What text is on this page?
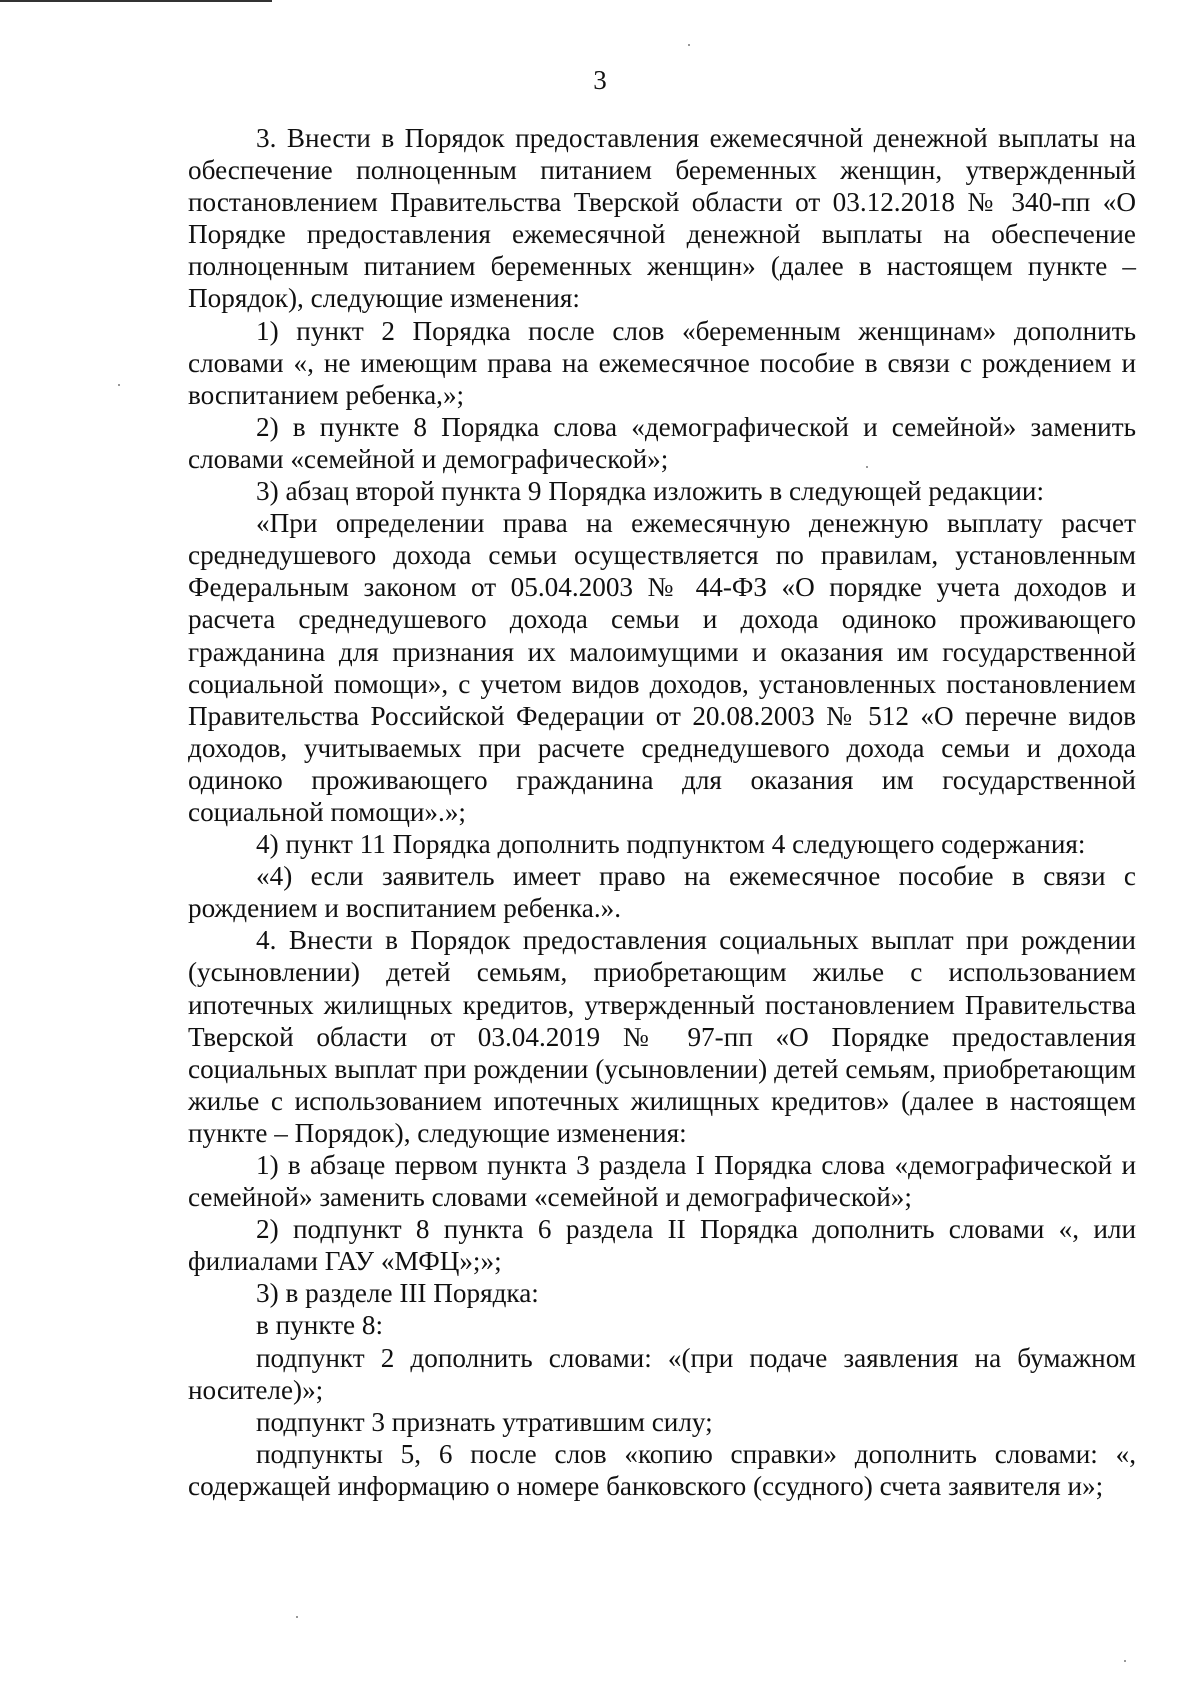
3

3. Внести в Порядок предоставления ежемесячной денежной выплаты на обеспечение полноценным питанием беременных женщин, утвержденный постановлением Правительства Тверской области от 03.12.2018 № 340-пп «О Порядке предоставления ежемесячной денежной выплаты на обеспечение полноценным питанием беременных женщин» (далее в настоящем пункте – Порядок), следующие изменения:

1) пункт 2 Порядка после слов «беременным женщинам» дополнить словами «, не имеющим права на ежемесячное пособие в связи с рождением и воспитанием ребенка,»;

2) в пункте 8 Порядка слова «демографической и семейной» заменить словами «семейной и демографической»;

3) абзац второй пункта 9 Порядка изложить в следующей редакции:

«При определении права на ежемесячную денежную выплату расчет среднедушевого дохода семьи осуществляется по правилам, установленным Федеральным законом от 05.04.2003 № 44-ФЗ «О порядке учета доходов и расчета среднедушевого дохода семьи и дохода одиноко проживающего гражданина для признания их малоимущими и оказания им государственной социальной помощи», с учетом видов доходов, установленных постановлением Правительства Российской Федерации от 20.08.2003 № 512 «О перечне видов доходов, учитываемых при расчете среднедушевого дохода семьи и дохода одиноко проживающего гражданина для оказания им государственной социальной помощи».»;

4) пункт 11 Порядка дополнить подпунктом 4 следующего содержания:

«4) если заявитель имеет право на ежемесячное пособие в связи с рождением и воспитанием ребенка.».

4. Внести в Порядок предоставления социальных выплат при рождении (усыновлении) детей семьям, приобретающим жилье с использованием ипотечных жилищных кредитов, утвержденный постановлением Правительства Тверской области от 03.04.2019 № 97-пп «О Порядке предоставления социальных выплат при рождении (усыновлении) детей семьям, приобретающим жилье с использованием ипотечных жилищных кредитов» (далее в настоящем пункте – Порядок), следующие изменения:

1) в абзаце первом пункта 3 раздела I Порядка слова «демографической и семейной» заменить словами «семейной и демографической»;

2) подпункт 8 пункта 6 раздела II Порядка дополнить словами «, или филиалами ГАУ «МФЦ»;»;

3) в разделе III Порядка:

в пункте 8:

подпункт 2 дополнить словами: «(при подаче заявления на бумажном носителе)»;

подпункт 3 признать утратившим силу;

подпункты 5, 6 после слов «копию справки» дополнить словами: «, содержащей информацию о номере банковского (ссудного) счета заявителя и»;
